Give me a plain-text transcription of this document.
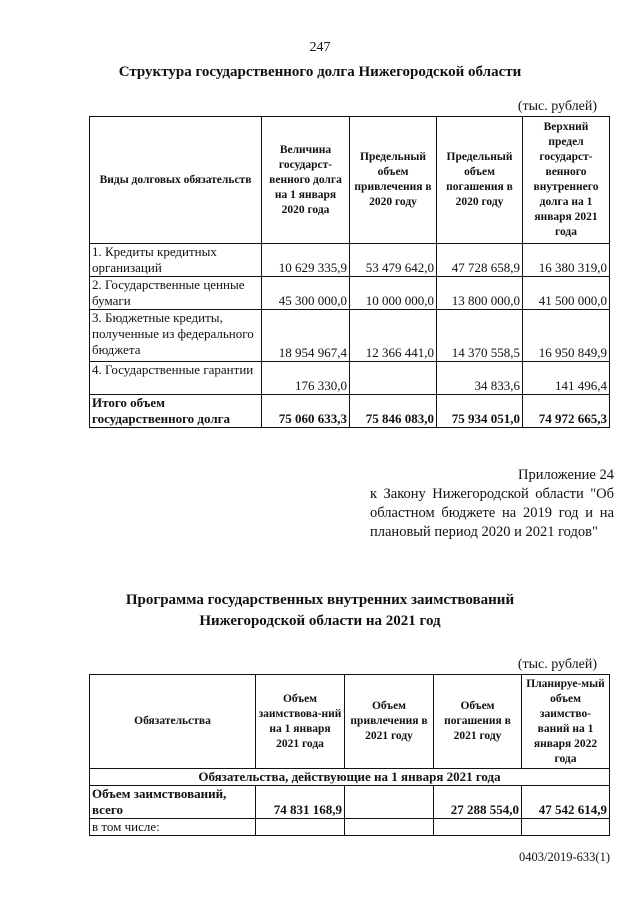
247
Структура государственного долга Нижегородской области
(тыс. рублей)
Виды долговых обязательств	Величина государст-венного долга на 1 января 2020 года	Предельный объем привлечения в 2020 году	Предельный объем погашения в 2020 году	Верхний предел государст-венного внутреннего долга на 1 января 2021 года
1. Кредиты кредитных организаций	10 629 335,9	53 479 642,0	47 728 658,9	16 380 319,0
2. Государственные ценные бумаги	45 300 000,0	10 000 000,0	13 800 000,0	41 500 000,0
3. Бюджетные кредиты, полученные из федерального бюджета	18 954 967,4	12 366 441,0	14 370 558,5	16 950 849,9
4. Государственные гарантии	176 330,0		34 833,6	141 496,4
Итого объем государственного долга	75 060 633,3	75 846 083,0	75 934 051,0	74 972 665,3
Приложение 24
к Закону Нижегородской области "Об областном бюджете на 2019 год и на плановый период 2020 и 2021 годов"
Программа государственных внутренних заимствований
Нижегородской области на 2021 год
(тыс. рублей)
Обязательства	Объем заимствова-ний на 1 января 2021 года	Объем привлечения в 2021 году	Объем погашения в 2021 году	Планируе-мый объем заимство-ваний на 1 января 2022 года
Обязательства, действующие на 1 января 2021 года				
Объем заимствований, всего	74 831 168,9		27 288 554,0	47 542 614,9
в том числе:				
0403/2019-633(1)
